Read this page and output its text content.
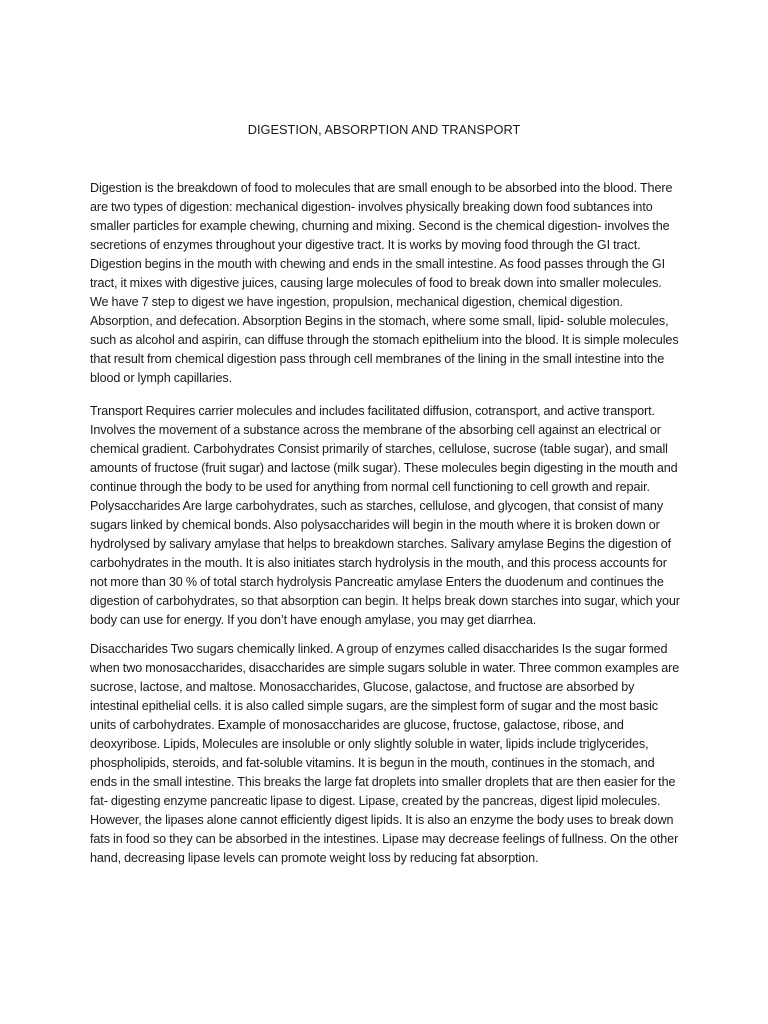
DIGESTION, ABSORPTION AND TRANSPORT

Digestion is the breakdown of food to molecules that are small enough to be absorbed into the blood. There are two types of digestion: mechanical digestion- involves physically breaking down food subtances into smaller particles for example chewing, churning and mixing. Second is the chemical digestion- involves the secretions of enzymes throughout your digestive tract. It is works by moving food through the GI tract. Digestion begins in the mouth with chewing and ends in the small intestine. As food passes through the GI tract, it mixes with digestive juices, causing large molecules of food to break down into smaller molecules. We have 7 step to digest we have ingestion, propulsion, mechanical digestion, chemical digestion. Absorption, and defecation. Absorption Begins in the stomach, where some small, lipid- soluble molecules, such as alcohol and aspirin, can diffuse through the stomach epithelium into the blood. It is simple molecules that result from chemical digestion pass through cell membranes of the lining in the small intestine into the blood or lymph capillaries.

Transport Requires carrier molecules and includes facilitated diffusion, cotransport, and active transport. Involves the movement of a substance across the membrane of the absorbing cell against an electrical or chemical gradient. Carbohydrates Consist primarily of starches, cellulose, sucrose (table sugar), and small amounts of fructose (fruit sugar) and lactose (milk sugar). These molecules begin digesting in the mouth and continue through the body to be used for anything from normal cell functioning to cell growth and repair. Polysaccharides Are large carbohydrates, such as starches, cellulose, and glycogen, that consist of many sugars linked by chemical bonds. Also polysaccharides will begin in the mouth where it is broken down or hydrolysed by salivary amylase that helps to breakdown starches. Salivary amylase Begins the digestion of carbohydrates in the mouth. It is also initiates starch hydrolysis in the mouth, and this process accounts for not more than 30 % of total starch hydrolysis Pancreatic amylase Enters the duodenum and continues the digestion of carbohydrates, so that absorption can begin. It helps break down starches into sugar, which your body can use for energy. If you don’t have enough amylase, you may get diarrhea.

Disaccharides Two sugars chemically linked. A group of enzymes called disaccharides Is the sugar formed when two monosaccharides, disaccharides are simple sugars soluble in water. Three common examples are sucrose, lactose, and maltose. Monosaccharides, Glucose, galactose, and fructose are absorbed by intestinal epithelial cells. it is also called simple sugars, are the simplest form of sugar and the most basic units of carbohydrates. Example of monosaccharides are glucose, fructose, galactose, ribose, and deoxyribose. Lipids, Molecules are insoluble or only slightly soluble in water, lipids include triglycerides, phospholipids, steroids, and fat-soluble vitamins. It is begun in the mouth, continues in the stomach, and ends in the small intestine. This breaks the large fat droplets into smaller droplets that are then easier for the fat- digesting enzyme pancreatic lipase to digest. Lipase, created by the pancreas, digest lipid molecules. However, the lipases alone cannot efficiently digest lipids. It is also an enzyme the body uses to break down fats in food so they can be absorbed in the intestines. Lipase may decrease feelings of fullness. On the other hand, decreasing lipase levels can promote weight loss by reducing fat absorption.
